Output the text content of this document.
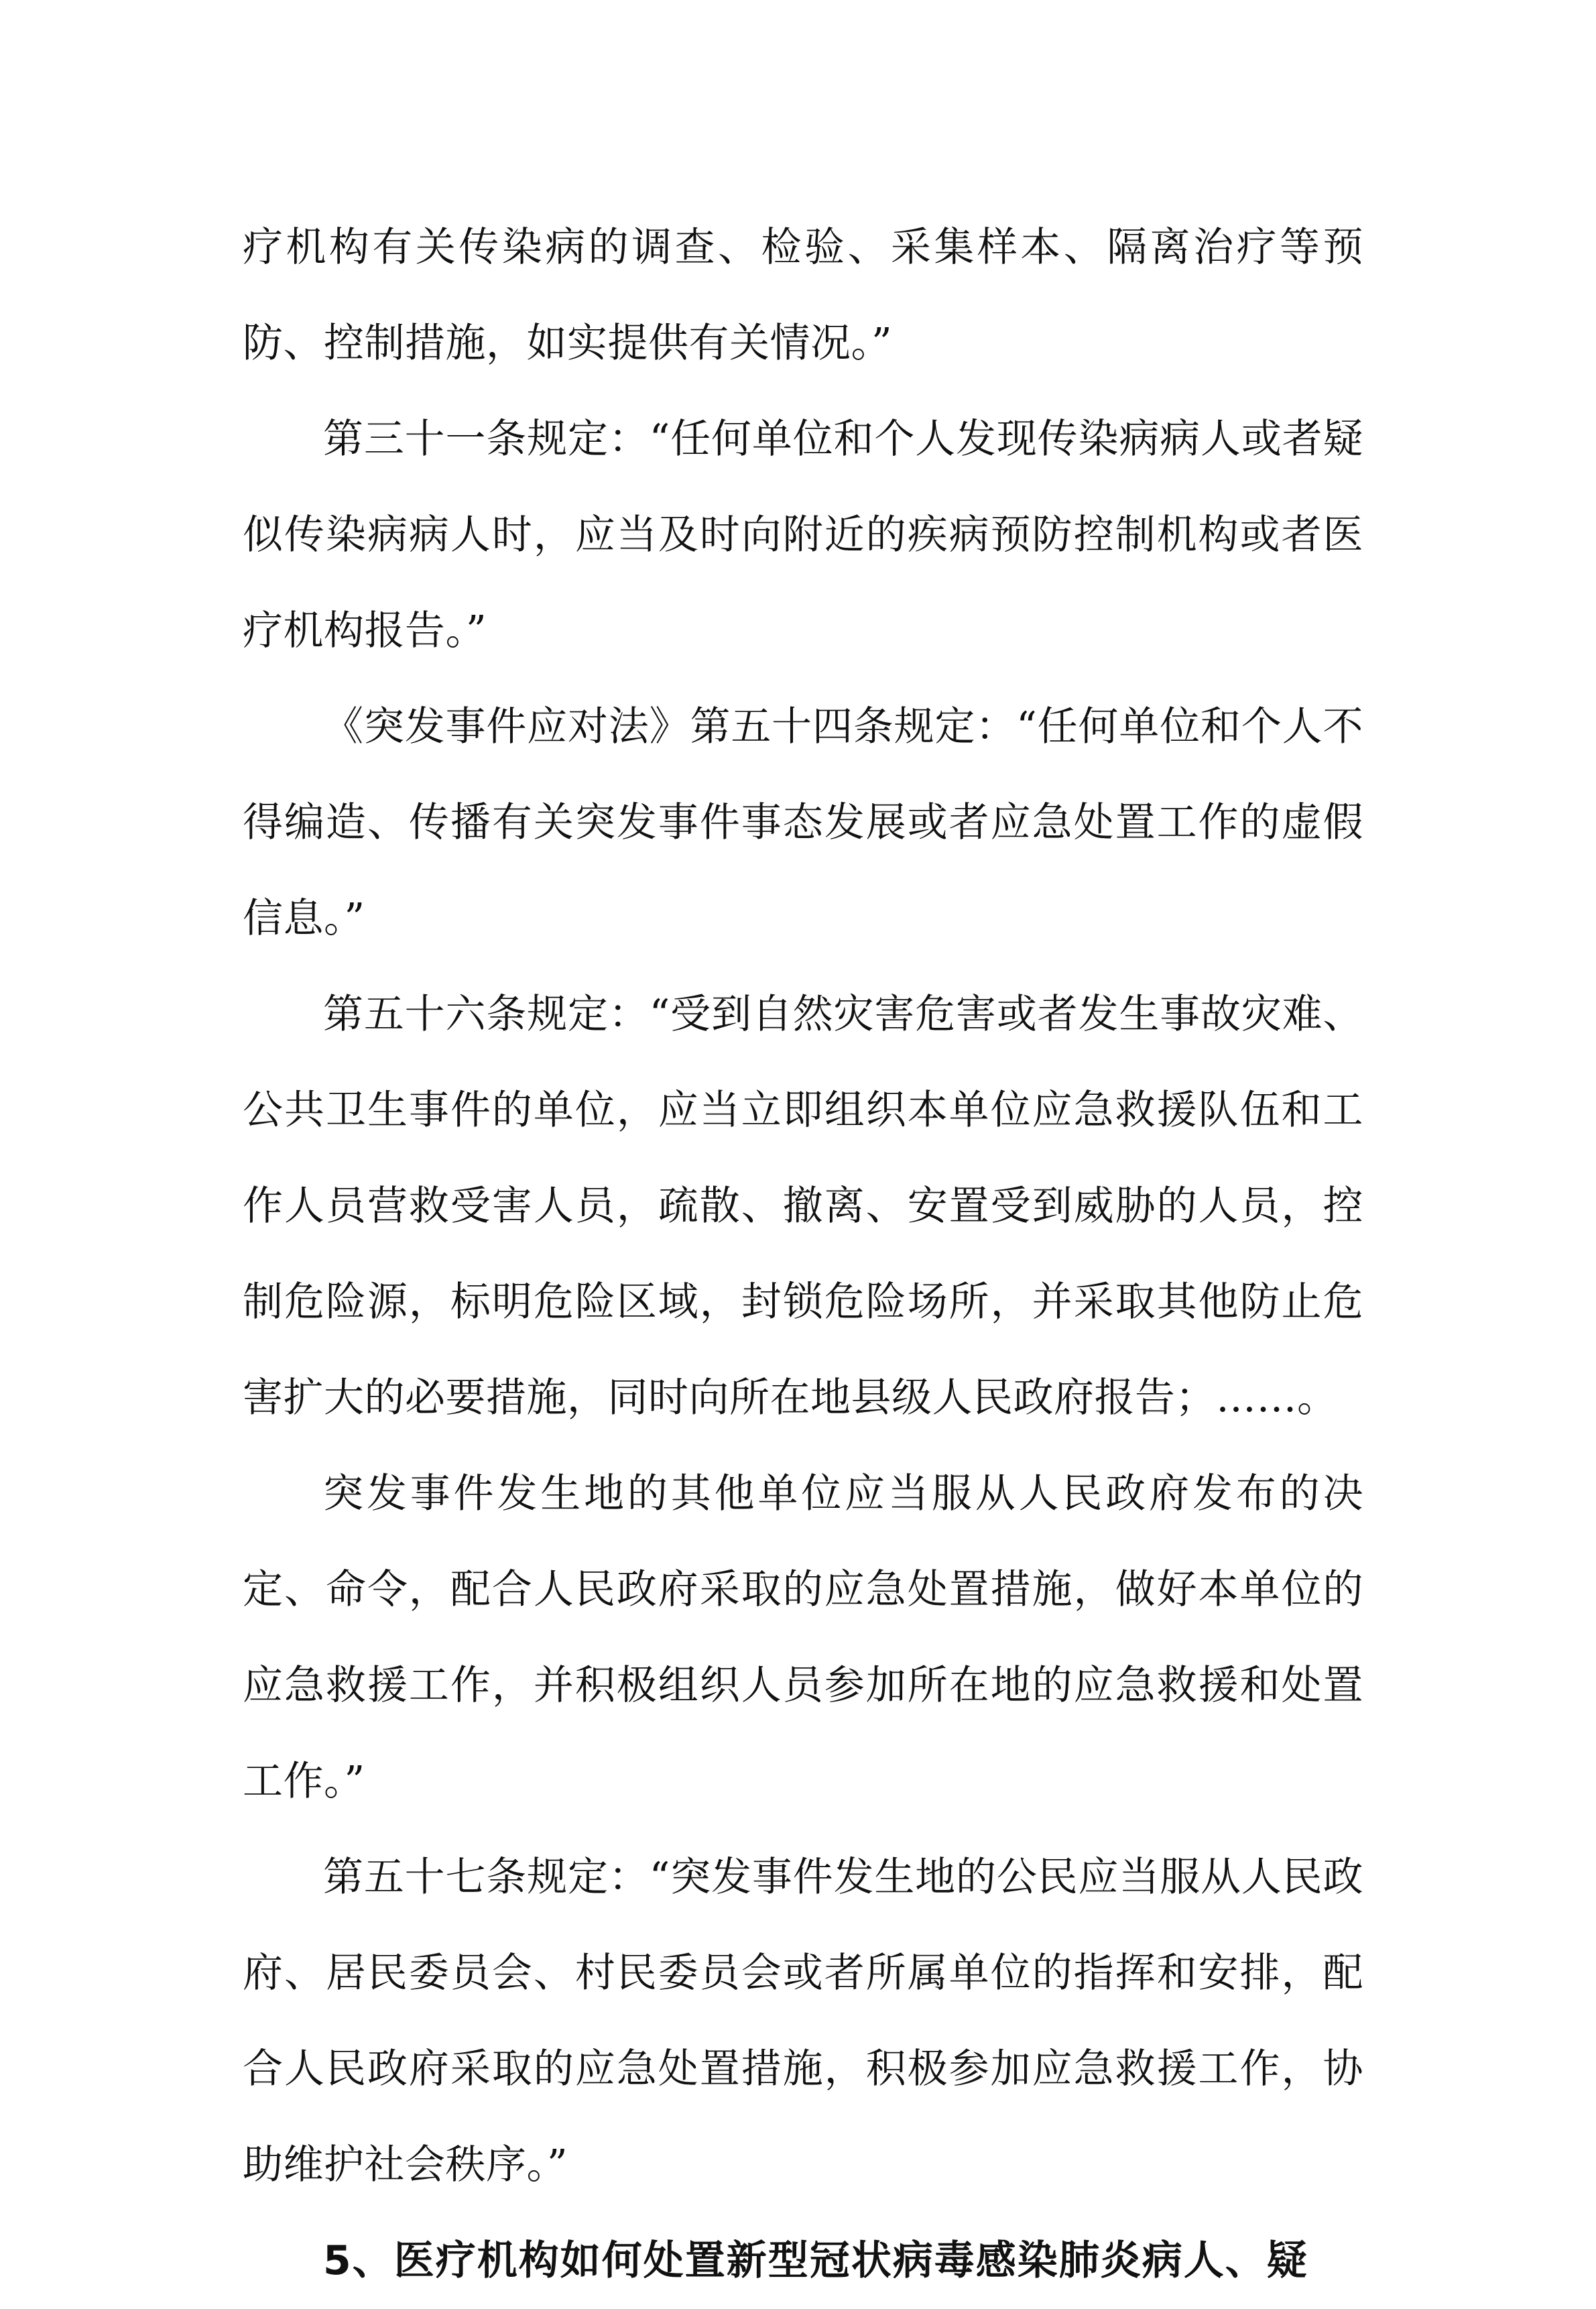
疗机构有关传染病的调查、检验、采集样本、隔离治疗等预防、控制措施，如实提供有关情况。”

第三十一条规定：“任何单位和个人发现传染病病人或者疑似传染病病人时，应当及时向附近的疾病预防控制机构或者医疗机构报告。”

《突发事件应对法》第五十四条规定：“任何单位和个人不得编造、传播有关突发事件事态发展或者应急处置工作的虚假信息。”

第五十六条规定：“受到自然灾害危害或者发生事故灾难、公共卫生事件的单位，应当立即组织本单位应急救援队伍和工作人员营救受害人员，疏散、撤离、安置受到威胁的人员，控制危险源，标明危险区域，封锁危险场所，并采取其他防止危害扩大的必要措施，同时向所在地县级人民政府报告；……。

突发事件发生地的其他单位应当服从人民政府发布的决定、命令，配合人民政府采取的应急处置措施，做好本单位的应急救援工作，并积极组织人员参加所在地的应急救援和处置工作。”

第五十七条规定：“突发事件发生地的公民应当服从人民政府、居民委员会、村民委员会或者所属单位的指挥和安排，配合人民政府采取的应急处置措施，积极参加应急救援工作，协助维护社会秩序。”

5、医疗机构如何处置新型冠状病毒感染肺炎病人、疑
